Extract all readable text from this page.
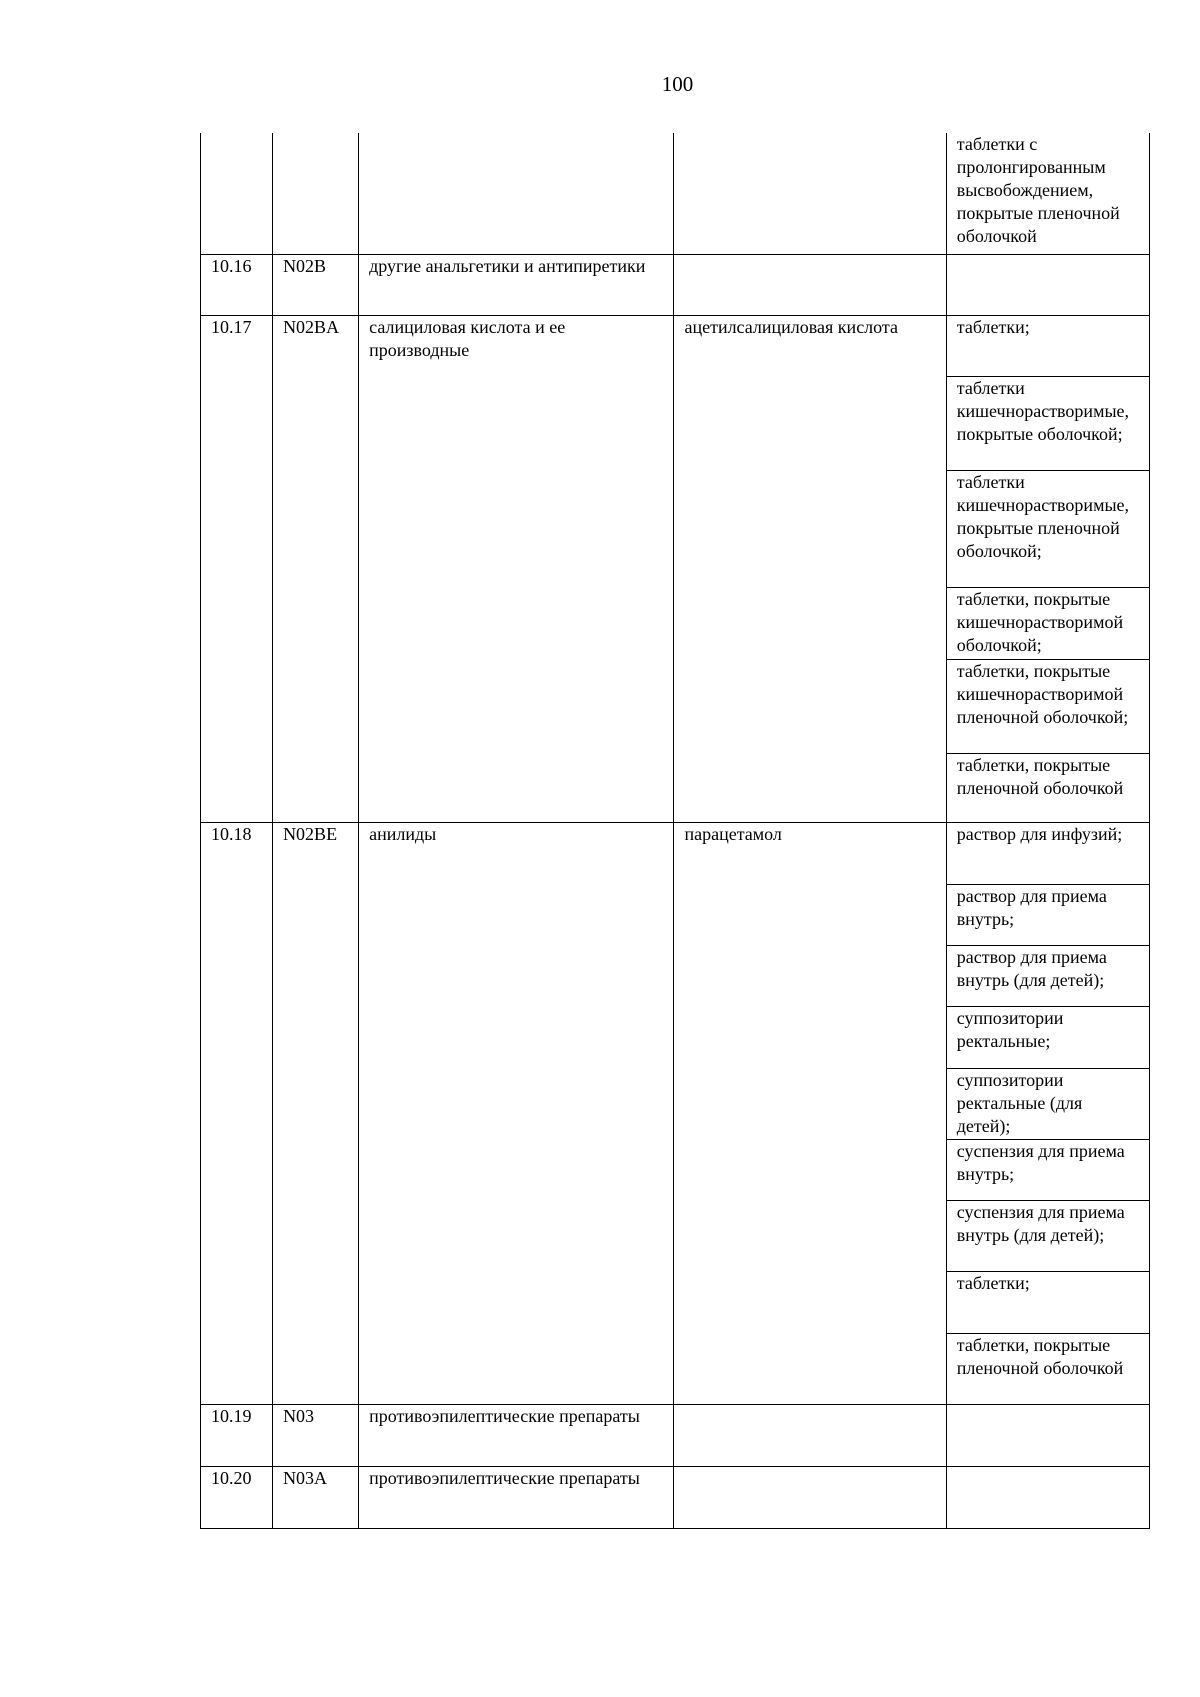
100
				таблетки с пролонгированным высвобождением, покрытые пленочной оболочкой
10.16	N02B	другие анальгетики и антипиретики		
10.17	N02BA	салициловая кислота и ее производные	ацетилсалициловая кислота	таблетки;
				таблетки кишечнорастворимые, покрытые оболочкой;
				таблетки кишечнорастворимые, покрытые пленочной оболочкой;
				таблетки, покрытые кишечнорастворимой оболочкой;
				таблетки, покрытые кишечнорастворимой пленочной оболочкой;
				таблетки, покрытые пленочной оболочкой
10.18	N02BE	анилиды	парацетамол	раствор для инфузий;
				раствор для приема внутрь;
				раствор для приема внутрь (для детей);
				суппозитории ректальные;
				суппозитории ректальные (для детей);
				суспензия для приема внутрь;
				суспензия для приема внутрь (для детей);
				таблетки;
				таблетки, покрытые пленочной оболочкой
10.19	N03	противоэпилептические препараты		
10.20	N03A	противоэпилептические препараты		
